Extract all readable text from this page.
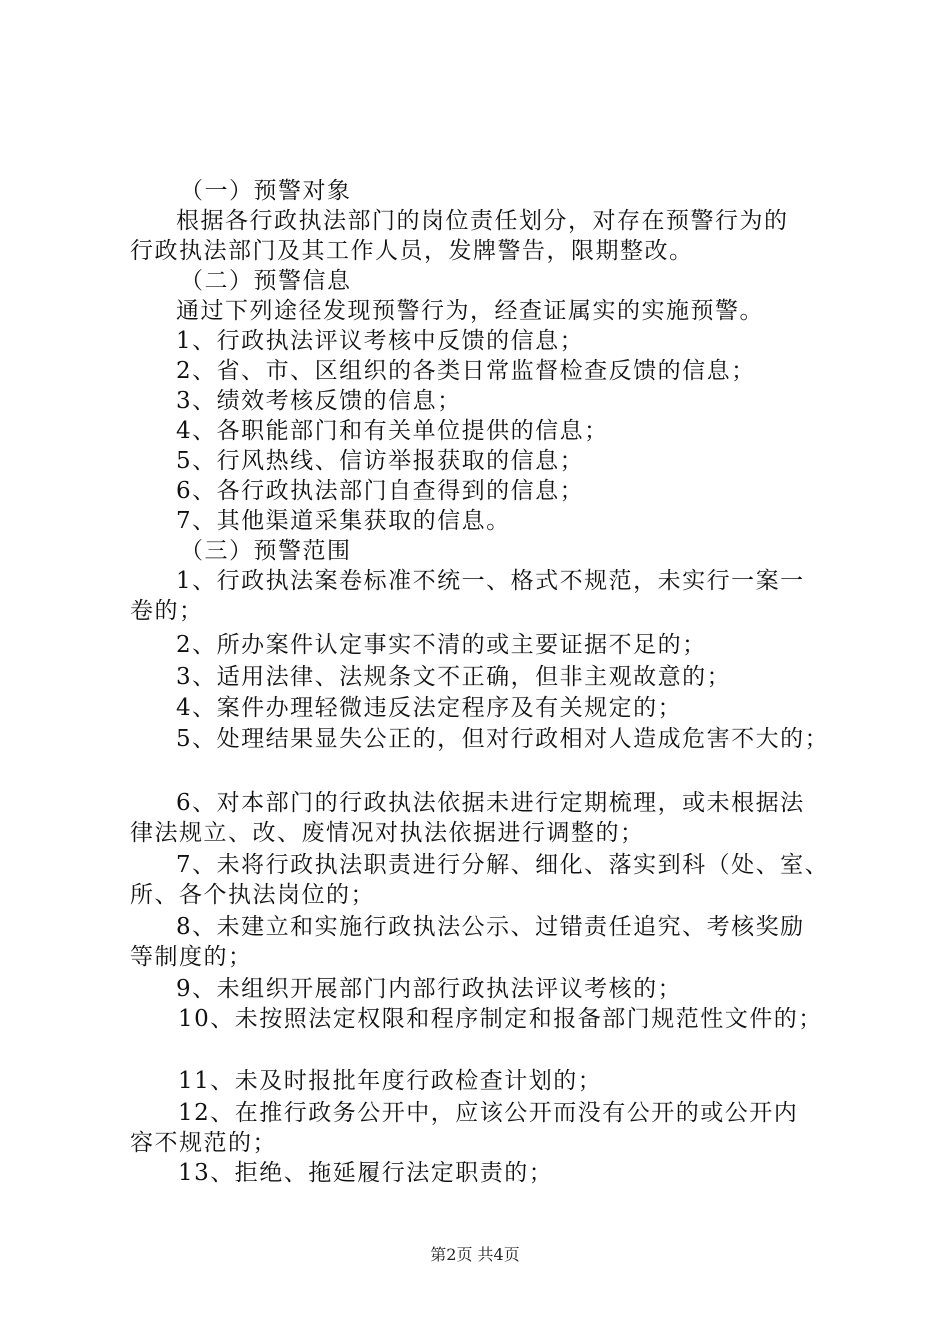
（一）预警对象
根据各行政执法部门的岗位责任划分，对存在预警行为的
行政执法部门及其工作人员，发牌警告，限期整改。
（二）预警信息
通过下列途径发现预警行为，经查证属实的实施预警。
1、行政执法评议考核中反馈的信息；
2、省、市、区组织的各类日常监督检查反馈的信息；
3、绩效考核反馈的信息；
4、各职能部门和有关单位提供的信息；
5、行风热线、信访举报获取的信息；
6、各行政执法部门自查得到的信息；
7、其他渠道采集获取的信息。
（三）预警范围
1、行政执法案卷标准不统一、格式不规范，未实行一案一
卷的；
2、所办案件认定事实不清的或主要证据不足的；
3、适用法律、法规条文不正确，但非主观故意的；
4、案件办理轻微违反法定程序及有关规定的；
5、处理结果显失公正的，但对行政相对人造成危害不大的；
6、对本部门的行政执法依据未进行定期梳理，或未根据法
律法规立、改、废情况对执法依据进行调整的；
7、未将行政执法职责进行分解、细化、落实到科（处、室、
所、各个执法岗位的；
8、未建立和实施行政执法公示、过错责任追究、考核奖励
等制度的；
9、未组织开展部门内部行政执法评议考核的；
10、未按照法定权限和程序制定和报备部门规范性文件的；
11、未及时报批年度行政检查计划的；
12、在推行政务公开中，应该公开而没有公开的或公开内
容不规范的；
13、拒绝、拖延履行法定职责的；
第2页 共4页
